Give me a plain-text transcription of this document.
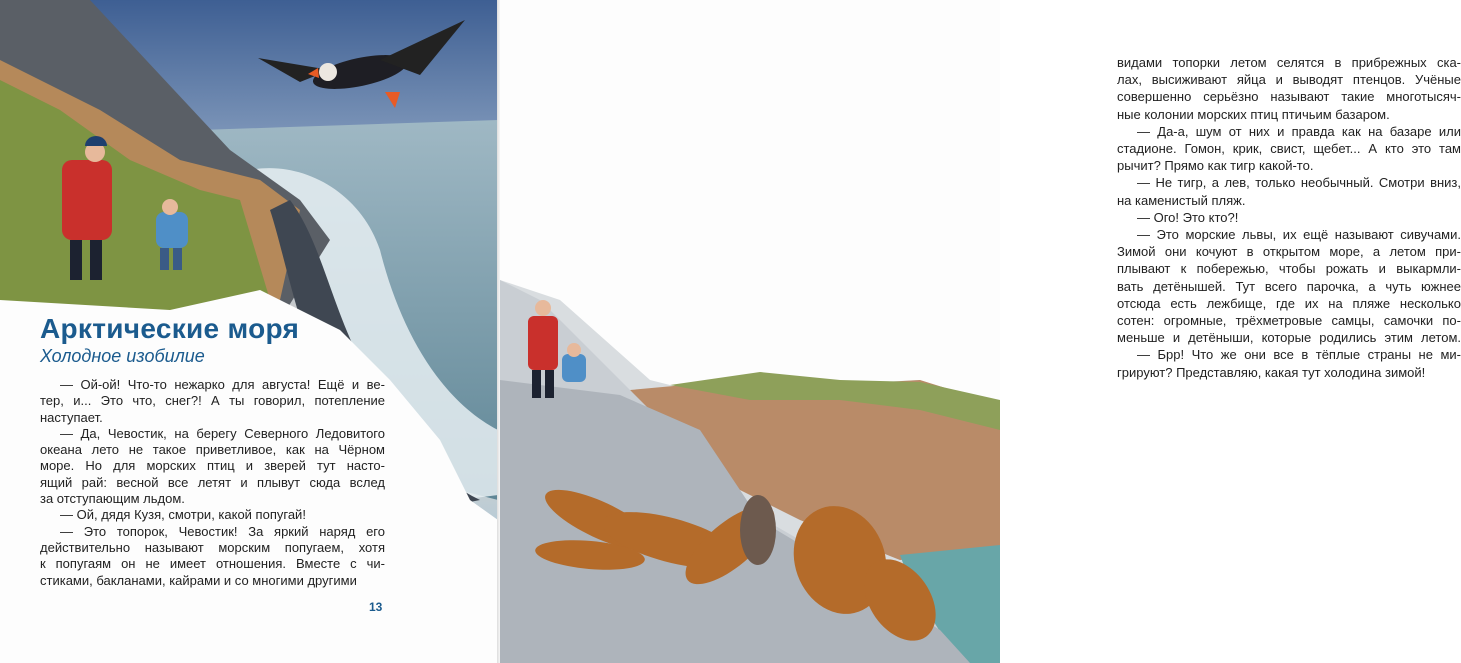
Арктические моря
Холодное изобилие
— Ой-ой! Что-то нежарко для августа! Ещё и ве-
тер, и... Это что, снег?! А ты говорил, потепление
наступает.
— Да, Чевостик, на берегу Северного Ледовитого
океана лето не такое приветливое, как на Чёрном
море. Но для морских птиц и зверей тут насто-
ящий рай: весной все летят и плывут сюда вслед
за отступающим льдом.
— Ой, дядя Кузя, смотри, какой попугай!
— Это топорок, Чевостик! За яркий наряд его
действительно называют морским попугаем, хотя
к попугаям он не имеет отношения. Вместе с чи-
стиками, бакланами, кайрами и со многими другими
13
видами топорки летом селятся в прибрежных ска-
лах, высиживают яйца и выводят птенцов. Учёные
совершенно серьёзно называют такие многотысяч-
ные колонии морских птиц птичьим базаром.
— Да-а, шум от них и правда как на базаре или
стадионе. Гомон, крик, свист, щебет... А кто это там
рычит? Прямо как тигр какой-то.
— Не тигр, а лев, только необычный. Смотри вниз,
на каменистый пляж.
— Ого! Это кто?!
— Это морские львы, их ещё называют сивучами.
Зимой они кочуют в открытом море, а летом при-
плывают к побережью, чтобы рожать и выкармли-
вать детёнышей. Тут всего парочка, а чуть южнее
отсюда есть лежбище, где их на пляже несколько
сотен: огромные, трёхметровые самцы, самочки по-
меньше и детёныши, которые родились этим летом.
— Брр! Что же они все в тёплые страны не ми-
грируют? Представляю, какая тут холодина зимой!
